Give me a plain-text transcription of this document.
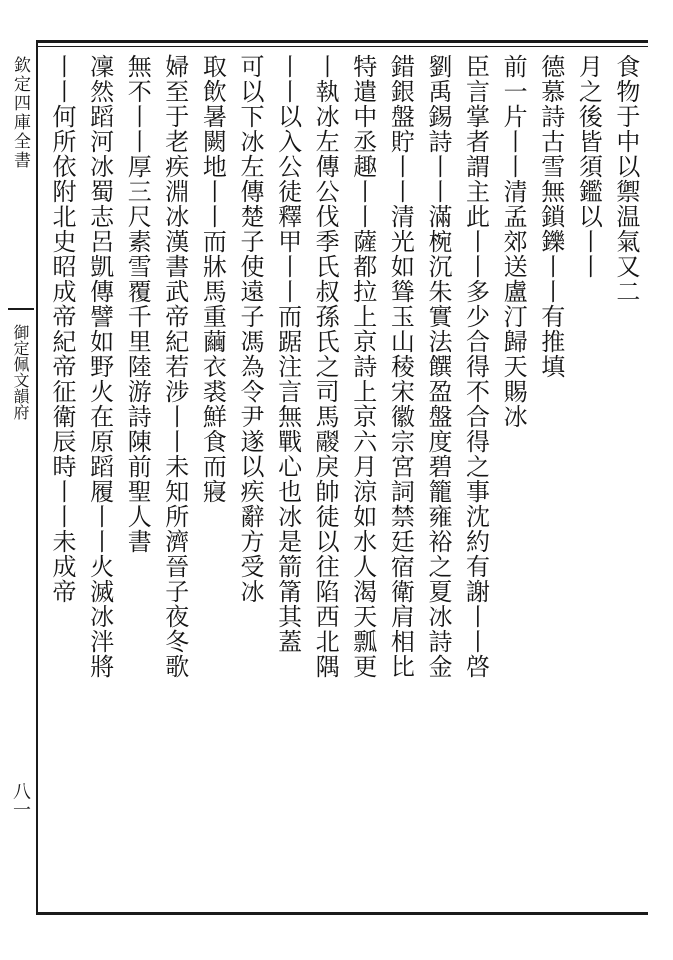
欽定四庫全書
御定佩文韻府
八一
食物于中以禦温氣又二
月之後皆須鑑以丨丨
德慕詩古雪無鎖鑠丨丨有推填
前一片丨丨清孟郊送盧汀歸天賜冰
臣言掌者謂主此丨丨多少合得不合得之事沈約有謝丨丨啓
劉禹錫詩丨丨滿椀沉朱實法饌盈盤度碧籠雍裕之夏冰詩金
錯銀盤貯丨丨清光如聳玉山稜宋徽宗宮詞禁廷宿衛肩相比
特遣中丞趣丨丨薩都拉上京詩上京六月涼如水人渴天瓢更
丨執冰左傳公伐季氏叔孫氏之司馬鬷戾帥徒以往陷西北隅
丨丨以入公徒釋甲丨丨而踞注言無戰心也冰是箭筩其蓋
可以下冰左傳楚子使遠子馮為令尹遂以疾辭方受冰
取飲暑闕地丨丨而牀馬重繭衣裘鮮食而寢
婦至于老疾淵冰漢書武帝紀若涉丨丨未知所濟晉子夜冬歌
無不丨丨厚三尺素雪覆千里陸游詩陳前聖人書
凜然蹈河冰蜀志呂凱傳譬如野火在原蹈履丨丨火滅冰泮將
丨丨何所依附北史昭成帝紀帝征衛辰時丨丨未成帝
